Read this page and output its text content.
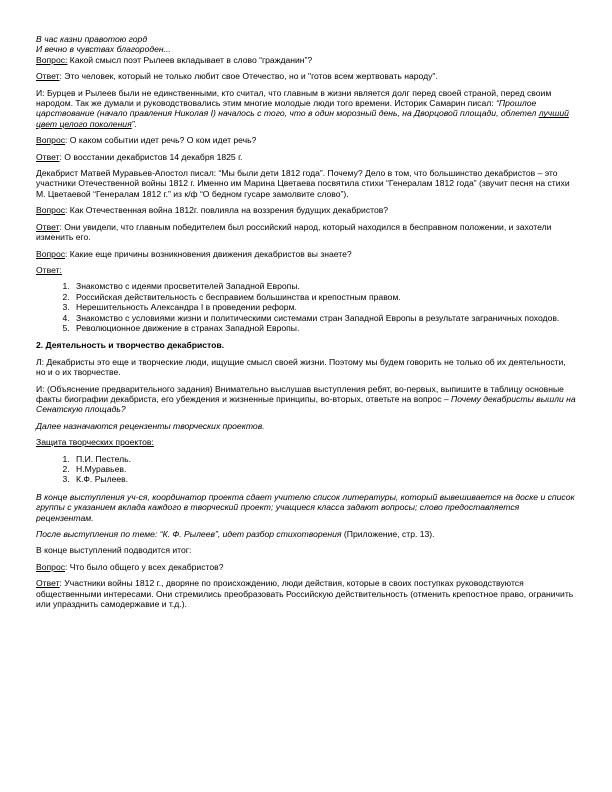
В час казни правотою горд

И вечно в чувствах благороден...

Вопрос: Какой смысл поэт Рылеев вкладывает в слово “гражданин”?

Ответ: Это человек, который не только любит свое Отечество, но и "готов всем жертвовать народу".

И: Бурцев и Рылеев были не единственными, кто считал, что главным в жизни является долг перед своей страной, перед своим народом. Так же думали и руководствовались этим многие молодые люди того времени. Историк Самарин писал: “Прошлое царствование (начало правления Николая I) началось с того, что в один морозный день, на Дворцовой площади, облетел лучший цвет целого поколения”.

Вопрос: О каком событии идет речь? О ком идет речь?

Ответ: О восстании декабристов 14 декабря 1825 г.

Декабрист Матвей Муравьев-Апостол писал: “Мы были дети 1812 года”. Почему? Дело в том, что большинство декабристов – это участники Отечественной войны 1812 г. Именно им Марина Цветаева посвятила стихи “Генералам 1812 года” (звучит песня на стихи М. Цветаевой “Генералам 1812 г.” из к/ф “О бедном гусаре замолвите слово”).

Вопрос: Как Отечественная война 1812г. повлияла на воззрения будущих декабристов?

Ответ: Они увидели, что главным победителем был российский народ, который находился в бесправном положении, и захотели изменить его.

Вопрос: Какие еще причины возникновения движения декабристов вы знаете?

Ответ:

1. Знакомство с идеями просветителей Западной Европы.
2. Российская действительность с бесправием большинства и крепостным правом.
3. Нерешительность Александра I в проведении реформ.
4. Знакомство с условиями жизни и политическими системами стран Западной Европы в результате заграничных походов.
5. Революционное движение в странах Западной Европы.

2. Деятельность и творчество декабристов.

Л: Декабристы это еще и творческие люди, ищущие смысл своей жизни. Поэтому мы будем говорить не только об их деятельности, но и о их творчестве.

И: (Объяснение предварительного задания) Внимательно выслушав выступления ребят, во-первых, выпишите в таблицу основные факты биографии декабриста, его убеждения и жизненные принципы, во-вторых, ответьте на вопрос – Почему декабристы вышли на Сенатскую площадь?

Далее назначаются рецензенты творческих проектов.

Защита творческих проектов:

1. П.И. Пестель.
2. Н.Муравьев.
3. К.Ф. Рылеев.

В конце выступления уч-ся, координатор проекта сдает учителю список литературы, который вывешивается на доске и список группы с указанием вклада каждого в творческий проект; учащиеся класса задают вопросы; слово предоставляется рецензентам.

После выступления по теме: “К. Ф. Рылеев”, идет разбор стихотворения (Приложение, стр. 13).

В конце выступлений подводится итог:

Вопрос: Что было общего у всех декабристов?

Ответ: Участники войны 1812 г., дворяне по происхождению, люди действия, которые в своих поступках руководствуются общественными интересами. Они стремились преобразовать Российскую действительность (отменить крепостное право, ограничить или упразднить самодержавие и т.д.).
